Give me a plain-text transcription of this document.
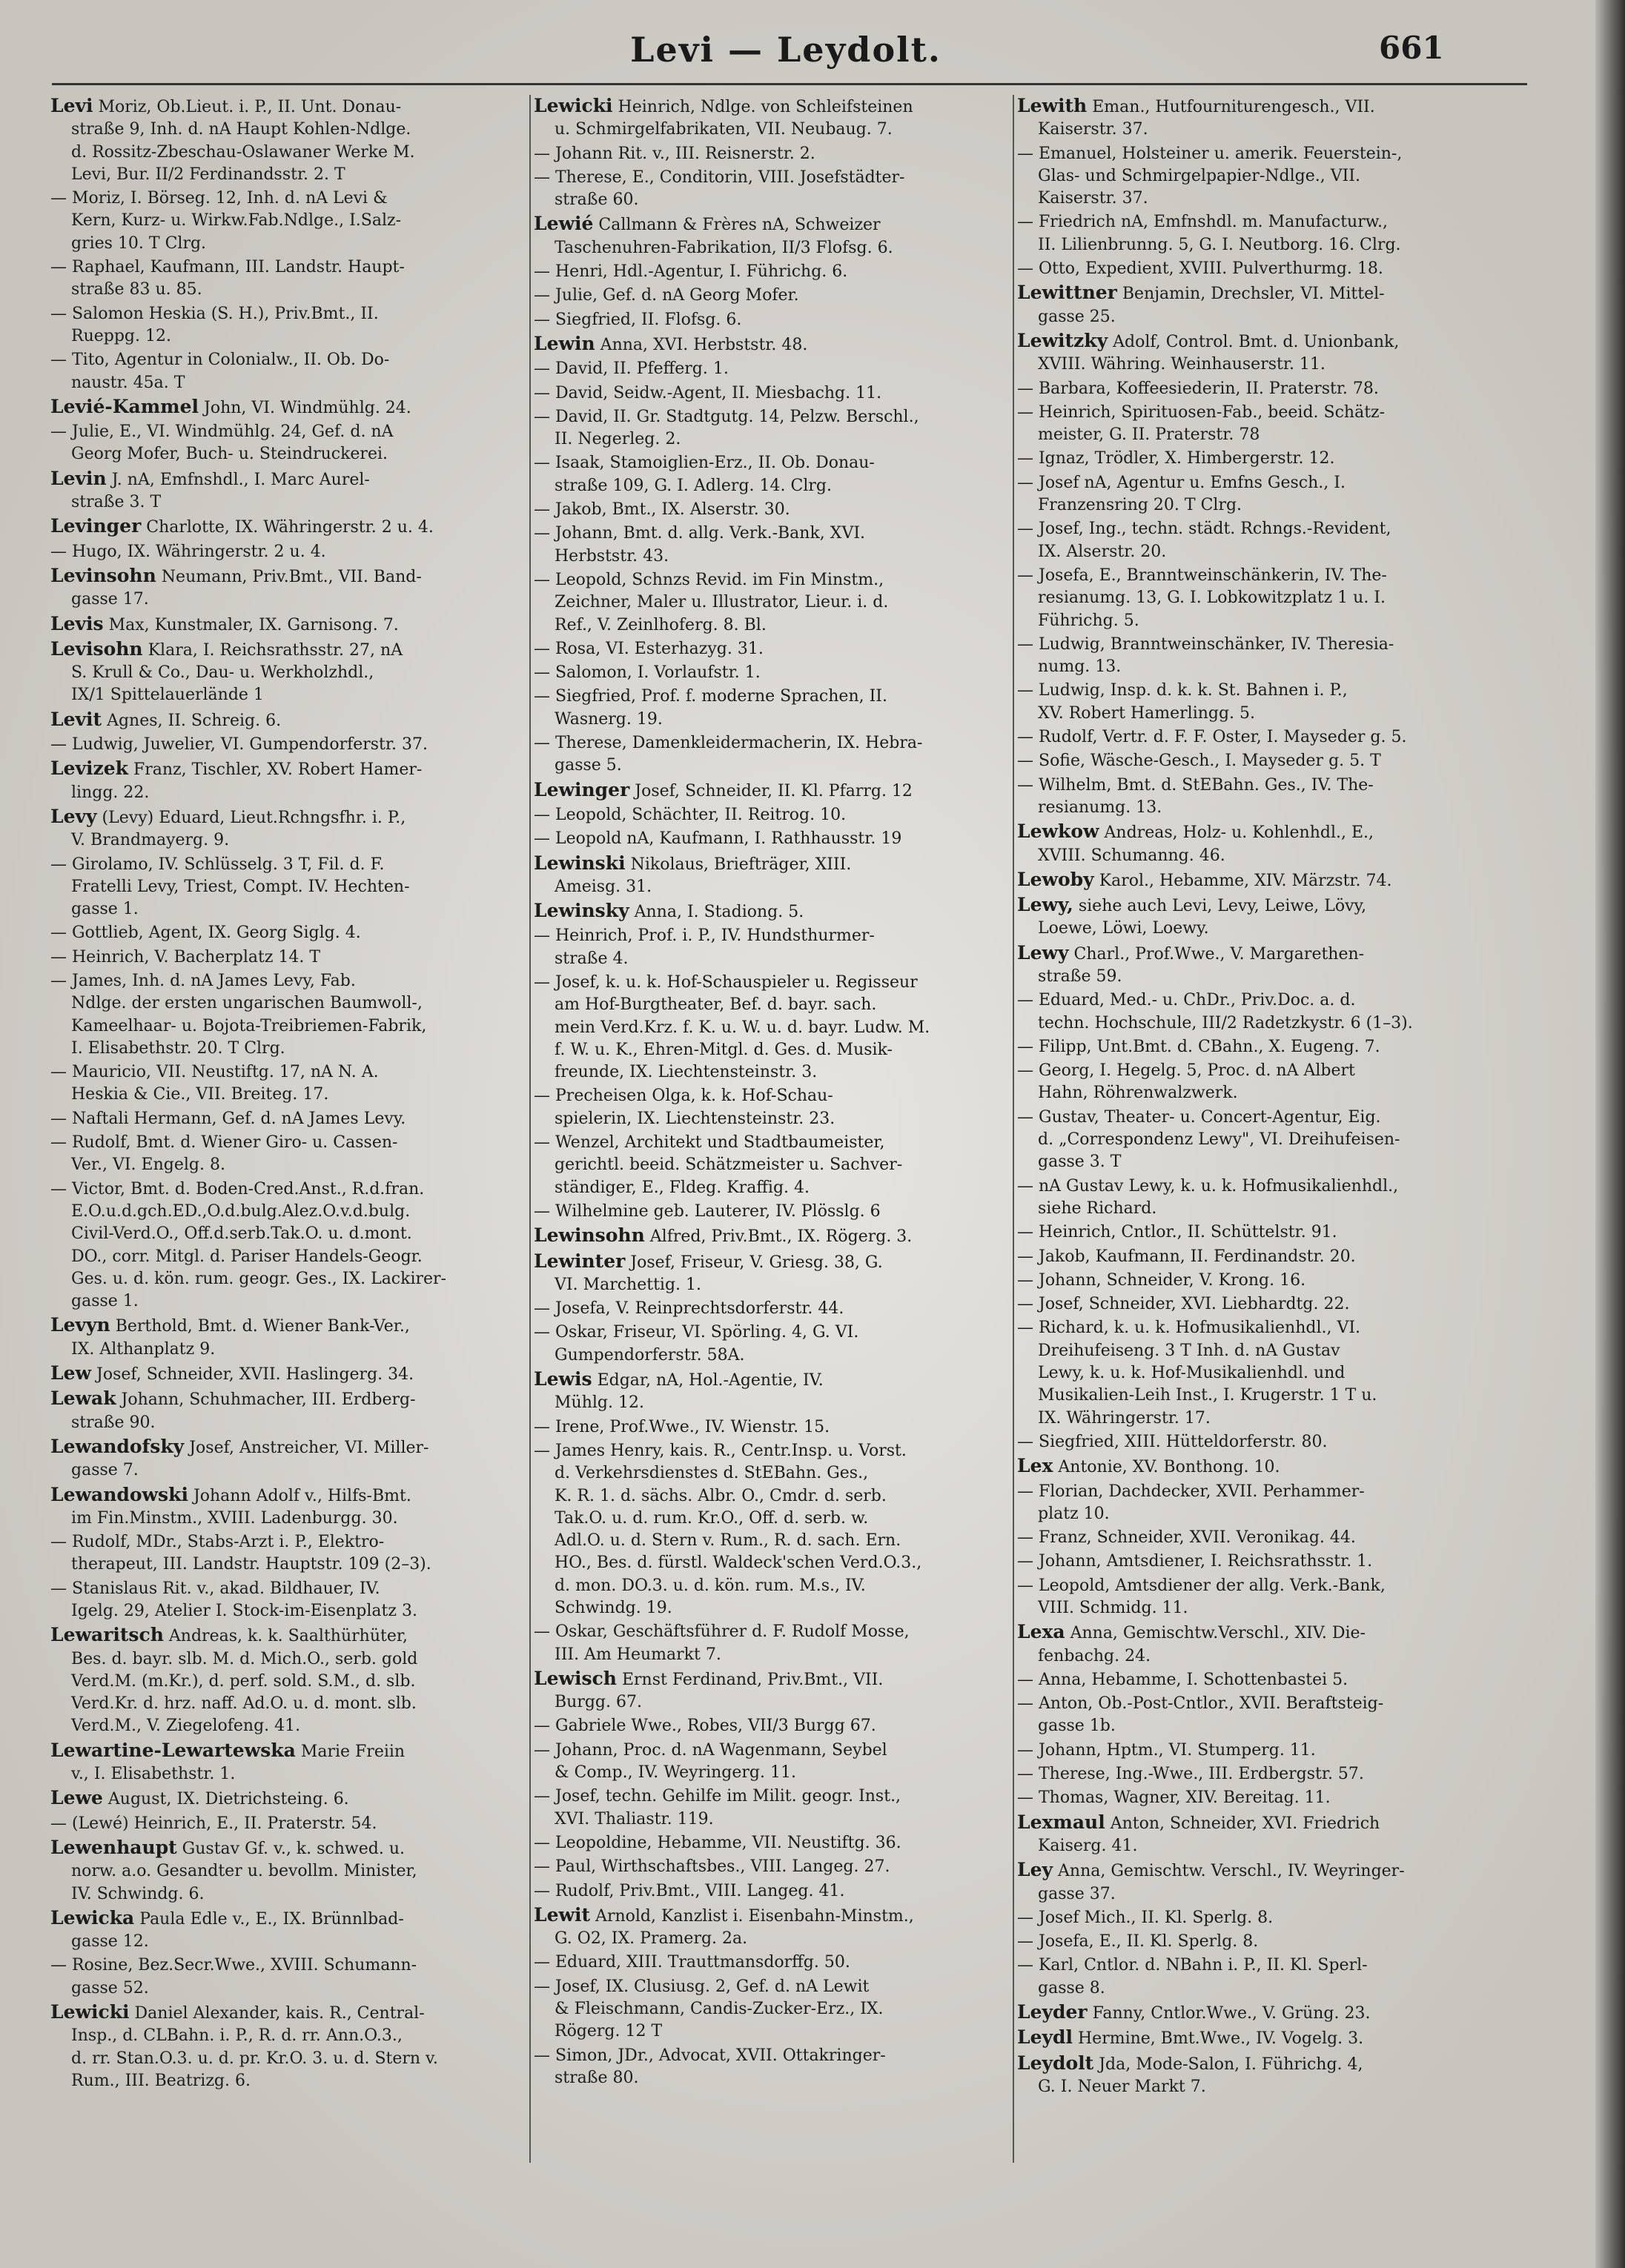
Levi — Leydolt.	661
Levi Moriz, Ob.Lieut. i. P., II. Unt. Donau-
straße 9, Inh. d. nA Haupt Kohlen-Ndlge.
d. Rossitz-Zbeschau-Oslawaner Werke M.
Levi, Bur. II/2 Ferdinandsstr. 2. T
— Moriz, I. Börseg. 12, Inh. d. nA Levi &
Kern, Kurz- u. Wirkw.Fab.Ndlge., I.Salz-
gries 10. T Clrg.
— Raphael, Kaufmann, III. Landstr. Haupt-
straße 83 u. 85.
— Salomon Heskia (S. H.), Priv.Bmt., II.
Rueppg. 12.
— Tito, Agentur in Colonialw., II. Ob. Do-
naustr. 45a. T
Levié-Kammel John, VI. Windmühlg. 24.
— Julie, E., VI. Windmühlg. 24, Gef. d. nA
Georg Mofer, Buch- u. Steindruckerei.
Levin J. nA, Emfnshdl., I. Marc Aurel-
straße 3. T
Levinger Charlotte, IX. Währingerstr. 2 u. 4.
— Hugo, IX. Währingerstr. 2 u. 4.
Levinsohn Neumann, Priv.Bmt., VII. Band-
gasse 17.
Levis Max, Kunstmaler, IX. Garnisong. 7.
Levisohn Klara, I. Reichsrathsstr. 27, nA
S. Krull & Co., Dau- u. Werkholzhdl.,
IX/1 Spittelauerlände 1
Levit Agnes, II. Schreig. 6.
— Ludwig, Juwelier, VI. Gumpendorferstr. 37.
Levizek Franz, Tischler, XV. Robert Hamer-
lingg. 22.
Levy (Levy) Eduard, Lieut.Rchngsfhr. i. P.,
V. Brandmayerg. 9.
— Girolamo, IV. Schlüsselg. 3 T, Fil. d. F.
Fratelli Levy, Triest, Compt. IV. Hechten-
gasse 1.
— Gottlieb, Agent, IX. Georg Siglg. 4.
— Heinrich, V. Bacherplatz 14. T
— James, Inh. d. nA James Levy, Fab.
Ndlge. der ersten ungarischen Baumwoll-,
Kameelhaar- u. Bojota-Treibriemen-Fabrik,
I. Elisabethstr. 20. T Clrg.
— Mauricio, VII. Neustiftg. 17, nA N. A.
Heskia & Cie., VII. Breiteg. 17.
— Naftali Hermann, Gef. d. nA James Levy.
— Rudolf, Bmt. d. Wiener Giro- u. Cassen-
Ver., VI. Engelg. 8.
— Victor, Bmt. d. Boden-Cred.Anst., R.d.fran.
E.O.u.d.gch.ED.,O.d.bulg.Alez.O.v.d.bulg.
Civil-Verd.O., Off.d.serb.Tak.O. u. d.mont.
DO., corr. Mitgl. d. Pariser Handels-Geogr.
Ges. u. d. kön. rum. geogr. Ges., IX. Lackirer-
gasse 1.
Levyn Berthold, Bmt. d. Wiener Bank-Ver.,
IX. Althanplatz 9.
Lew Josef, Schneider, XVII. Haslingerg. 34.
Lewak Johann, Schuhmacher, III. Erdberg-
straße 90.
Lewandofsky Josef, Anstreicher, VI. Miller-
gasse 7.
Lewandowski Johann Adolf v., Hilfs-Bmt.
im Fin.Minstm., XVIII. Ladenburgg. 30.
— Rudolf, MDr., Stabs-Arzt i. P., Elektro-
therapeut, III. Landstr. Hauptstr. 109 (2–3).
— Stanislaus Rit. v., akad. Bildhauer, IV.
Igelg. 29, Atelier I. Stock-im-Eisenplatz 3.
Lewaritsch Andreas, k. k. Saalthürhüter,
Bes. d. bayr. slb. M. d. Mich.O., serb. gold
Verd.M. (m.Kr.), d. perf. sold. S.M., d. slb.
Verd.Kr. d. hrz. naff. Ad.O. u. d. mont. slb.
Verd.M., V. Ziegelofeng. 41.
Lewartine-Lewartewska Marie Freiin
v., I. Elisabethstr. 1.
Lewe August, IX. Dietrichsteing. 6.
— (Lewé) Heinrich, E., II. Praterstr. 54.
Lewenhaupt Gustav Gf. v., k. schwed. u.
norw. a.o. Gesandter u. bevollm. Minister,
IV. Schwindg. 6.
Lewicka Paula Edle v., E., IX. Brünnlbad-
gasse 12.
— Rosine, Bez.Secr.Wwe., XVIII. Schumann-
gasse 52.
Lewicki Daniel Alexander, kais. R., Central-
Insp., d. CLBahn. i. P., R. d. rr. Ann.O.3.,
d. rr. Stan.O.3. u. d. pr. Kr.O. 3. u. d. Stern v.
Rum., III. Beatrizg. 6.
Lewicki Heinrich, Ndlge. von Schleifsteinen
u. Schmirgelfabrikaten, VII. Neubaug. 7.
— Johann Rit. v., III. Reisnerstr. 2.
— Therese, E., Conditorin, VIII. Josefstädter-
straße 60.
Lewié Callmann & Frères nA, Schweizer
Taschenuhren-Fabrikation, II/3 Flofsg. 6.
— Henri, Hdl.-Agentur, I. Führichg. 6.
— Julie, Gef. d. nA Georg Mofer.
— Siegfried, II. Flofsg. 6.
Lewin Anna, XVI. Herbststr. 48.
— David, II. Pfefferg. 1.
— David, Seidw.-Agent, II. Miesbachg. 11.
— David, II. Gr. Stadtgutg. 14, Pelzw. Berschl.,
II. Negerleg. 2.
— Isaak, Stamoiglien-Erz., II. Ob. Donau-
straße 109, G. I. Adlerg. 14. Clrg.
— Jakob, Bmt., IX. Alserstr. 30.
— Johann, Bmt. d. allg. Verk.-Bank, XVI.
Herbststr. 43.
— Leopold, Schnzs Revid. im Fin Minstm.,
Zeichner, Maler u. Illustrator, Lieur. i. d.
Ref., V. Zeinlhoferg. 8. Bl.
— Rosa, VI. Esterhazyg. 31.
— Salomon, I. Vorlaufstr. 1.
— Siegfried, Prof. f. moderne Sprachen, II.
Wasnerg. 19.
— Therese, Damenkleidermacherin, IX. Hebra-
gasse 5.
Lewinger Josef, Schneider, II. Kl. Pfarrg. 12
— Leopold, Schächter, II. Reitrog. 10.
— Leopold nA, Kaufmann, I. Rathhausstr. 19
Lewinski Nikolaus, Briefträger, XIII.
Ameisg. 31.
Lewinsky Anna, I. Stadiong. 5.
— Heinrich, Prof. i. P., IV. Hundsthurmer-
straße 4.
— Josef, k. u. k. Hof-Schauspieler u. Regisseur
am Hof-Burgtheater, Bef. d. bayr. sach.
mein Verd.Krz. f. K. u. W. u. d. bayr. Ludw. M.
f. W. u. K., Ehren-Mitgl. d. Ges. d. Musik-
freunde, IX. Liechtensteinstr. 3.
— Precheisen Olga, k. k. Hof-Schau-
spielerin, IX. Liechtensteinstr. 23.
— Wenzel, Architekt und Stadtbaumeister,
gerichtl. beeid. Schätzmeister u. Sachver-
ständiger, E., Fldeg. Kraffig. 4.
— Wilhelmine geb. Lauterer, IV. Plösslg. 6
Lewinsohn Alfred, Priv.Bmt., IX. Rögerg. 3.
Lewinter Josef, Friseur, V. Griesg. 38, G.
VI. Marchettig. 1.
— Josefa, V. Reinprechtsdorferstr. 44.
— Oskar, Friseur, VI. Spörling. 4, G. VI.
Gumpendorferstr. 58A.
Lewis Edgar, nA, Hol.-Agentie, IV.
Mühlg. 12.
— Irene, Prof.Wwe., IV. Wienstr. 15.
— James Henry, kais. R., Centr.Insp. u. Vorst.
d. Verkehrsdienstes d. StEBahn. Ges.,
K. R. 1. d. sächs. Albr. O., Cmdr. d. serb.
Tak.O. u. d. rum. Kr.O., Off. d. serb. w.
Adl.O. u. d. Stern v. Rum., R. d. sach. Ern.
HO., Bes. d. fürstl. Waldeck'schen Verd.O.3.,
d. mon. DO.3. u. d. kön. rum. M.s., IV.
Schwindg. 19.
— Oskar, Geschäftsführer d. F. Rudolf Mosse,
III. Am Heumarkt 7.
Lewisch Ernst Ferdinand, Priv.Bmt., VII.
Burgg. 67.
— Gabriele Wwe., Robes, VII/3 Burgg 67.
— Johann, Proc. d. nA Wagenmann, Seybel
& Comp., IV. Weyringerg. 11.
— Josef, techn. Gehilfe im Milit. geogr. Inst.,
XVI. Thaliastr. 119.
— Leopoldine, Hebamme, VII. Neustiftg. 36.
— Paul, Wirthschaftsbes., VIII. Langeg. 27.
— Rudolf, Priv.Bmt., VIII. Langeg. 41.
Lewit Arnold, Kanzlist i. Eisenbahn-Minstm.,
G. O2, IX. Pramerg. 2a.
— Eduard, XIII. Trauttmansdorffg. 50.
— Josef, IX. Clusiusg. 2, Gef. d. nA Lewit
& Fleischmann, Candis-Zucker-Erz., IX.
Rögerg. 12 T
— Simon, JDr., Advocat, XVII. Ottakringer-
straße 80.
Lewith Eman., Hutfourniturengesch., VII.
Kaiserstr. 37.
— Emanuel, Holsteiner u. amerik. Feuerstein-,
Glas- und Schmirgelpapier-Ndlge., VII.
Kaiserstr. 37.
— Friedrich nA, Emfnshdl. m. Manufacturw.,
II. Lilienbrunng. 5, G. I. Neutborg. 16. Clrg.
— Otto, Expedient, XVIII. Pulverthurmg. 18.
Lewittner Benjamin, Drechsler, VI. Mittel-
gasse 25.
Lewitzky Adolf, Control. Bmt. d. Unionbank,
XVIII. Währing. Weinhauserstr. 11.
— Barbara, Koffeesiederin, II. Praterstr. 78.
— Heinrich, Spirituosen-Fab., beeid. Schätz-
meister, G. II. Praterstr. 78
— Ignaz, Trödler, X. Himbergerstr. 12.
— Josef nA, Agentur u. Emfns Gesch., I.
Franzensring 20. T Clrg.
— Josef, Ing., techn. städt. Rchngs.-Revident,
IX. Alserstr. 20.
— Josefa, E., Branntweinschänkerin, IV. The-
resianumg. 13, G. I. Lobkowitzplatz 1 u. I.
Führichg. 5.
— Ludwig, Branntweinschänker, IV. Theresia-
numg. 13.
— Ludwig, Insp. d. k. k. St. Bahnen i. P.,
XV. Robert Hamerlingg. 5.
— Rudolf, Vertr. d. F. F. Oster, I. Mayseder g. 5.
— Sofie, Wäsche-Gesch., I. Mayseder g. 5. T
— Wilhelm, Bmt. d. StEBahn. Ges., IV. The-
resianumg. 13.
Lewkow Andreas, Holz- u. Kohlenhdl., E.,
XVIII. Schumanng. 46.
Lewoby Karol., Hebamme, XIV. Märzstr. 74.
Lewy, siehe auch Levi, Levy, Leiwe, Lövy,
Loewe, Löwi, Loewy.
Lewy Charl., Prof.Wwe., V. Margarethen-
straße 59.
— Eduard, Med.- u. ChDr., Priv.Doc. a. d.
techn. Hochschule, III/2 Radetzkystr. 6 (1–3).
— Filipp, Unt.Bmt. d. CBahn., X. Eugeng. 7.
— Georg, I. Hegelg. 5, Proc. d. nA Albert
Hahn, Röhrenwalzwerk.
— Gustav, Theater- u. Concert-Agentur, Eig.
d. „Correspondenz Lewy", VI. Dreihufeisen-
gasse 3. T
— nA Gustav Lewy, k. u. k. Hofmusikalienhdl.,
siehe Richard.
— Heinrich, Cntlor., II. Schüttelstr. 91.
— Jakob, Kaufmann, II. Ferdinandstr. 20.
— Johann, Schneider, V. Krong. 16.
— Josef, Schneider, XVI. Liebhardtg. 22.
— Richard, k. u. k. Hofmusikalienhdl., VI.
Dreihufeiseng. 3 T Inh. d. nA Gustav
Lewy, k. u. k. Hof-Musikalienhdl. und
Musikalien-Leih Inst., I. Krugerstr. 1 T u.
IX. Währingerstr. 17.
— Siegfried, XIII. Hütteldorferstr. 80.
Lex Antonie, XV. Bonthong. 10.
— Florian, Dachdecker, XVII. Perhammer-
platz 10.
— Franz, Schneider, XVII. Veronikag. 44.
— Johann, Amtsdiener, I. Reichsrathsstr. 1.
— Leopold, Amtsdiener der allg. Verk.-Bank,
VIII. Schmidg. 11.
Lexa Anna, Gemischtw.Verschl., XIV. Die-
fenbachg. 24.
— Anna, Hebamme, I. Schottenbastei 5.
— Anton, Ob.-Post-Cntlor., XVII. Beraftsteig-
gasse 1b.
— Johann, Hptm., VI. Stumperg. 11.
— Therese, Ing.-Wwe., III. Erdbergstr. 57.
— Thomas, Wagner, XIV. Bereitag. 11.
Lexmaul Anton, Schneider, XVI. Friedrich
Kaiserg. 41.
Ley Anna, Gemischtw. Verschl., IV. Weyringer-
gasse 37.
— Josef Mich., II. Kl. Sperlg. 8.
— Josefa, E., II. Kl. Sperlg. 8.
— Karl, Cntlor. d. NBahn i. P., II. Kl. Sperl-
gasse 8.
Leyder Fanny, Cntlor.Wwe., V. Grüng. 23.
Leydl Hermine, Bmt.Wwe., IV. Vogelg. 3.
Leydolt Jda, Mode-Salon, I. Führichg. 4,
G. I. Neuer Markt 7.
